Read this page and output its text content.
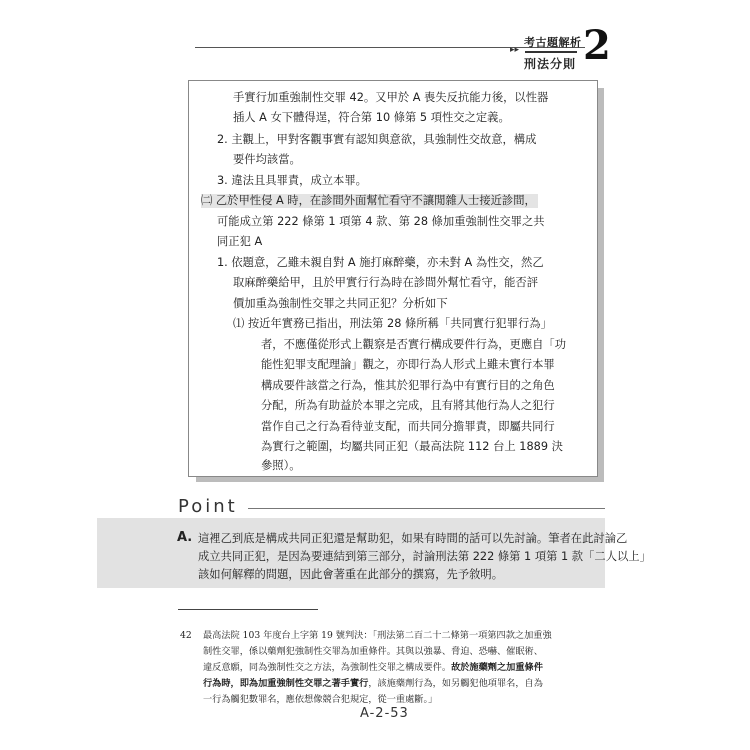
考古題解析
▸▸
刑法分則 2
手實行加重強制性交罪 42。又甲於 A 喪失反抗能力後，以性器
插人 A 女下體得逞，符合第 10 條第 5 項性交之定義。
2. 主觀上，甲對客觀事實有認知與意欲，具強制性交故意，構成
要件均該當。
3. 違法且具罪責，成立本罪。
㈡ 乙於甲性侵 A 時，在診間外面幫忙看守不讓閒雜人士接近診間，
可能成立第 222 條第 1 項第 4 款、第 28 條加重強制性交罪之共
同正犯 A
1. 依題意，乙雖未親自對 A 施打麻醉藥，亦未對 A 為性交，然乙
取麻醉藥給甲，且於甲實行行為時在診間外幫忙看守，能否評
價加重為強制性交罪之共同正犯？分析如下
⑴ 按近年實務已指出，刑法第 28 條所稱「共同實行犯罪行為」
者，不應僅從形式上觀察是否實行構成要件行為，更應自「功
能性犯罪支配理論」觀之，亦即行為人形式上雖未實行本罪
構成要件該當之行為，惟其於犯罪行為中有實行目的之角色
分配，所為有助益於本罪之完成，且有將其他行為人之犯行
當作自己之行為看待並支配，而共同分擔罪責，即屬共同行
為實行之範圍，均屬共同正犯（最高法院 112 台上 1889 決
參照）。
Point
A. 這裡乙到底是構成共同正犯還是幫助犯，如果有時間的話可以先討論。筆者在此討論乙
成立共同正犯，是因為要連結到第三部分，討論刑法第 222 條第 1 項第 1 款「二人以上」
該如何解釋的問題，因此會著重在此部分的撰寫，先予敘明。
42 最高法院 103 年度台上字第 19 號判決：「刑法第二百二十二條第一項第四款之加重強
制性交罪，係以藥劑犯強制性交罪為加重條件。其與以強暴、脅迫、恐嚇、催眠術、
違反意願，同為強制性交之方法，為強制性交罪之構成要件。故於施藥劑之加重條件
行為時，即為加重強制性交罪之著手實行，該施藥劑行為，如另觸犯他項罪名，自為
一行為觸犯數罪名，應依想像競合犯規定，從一重處斷。」
A-2-53
